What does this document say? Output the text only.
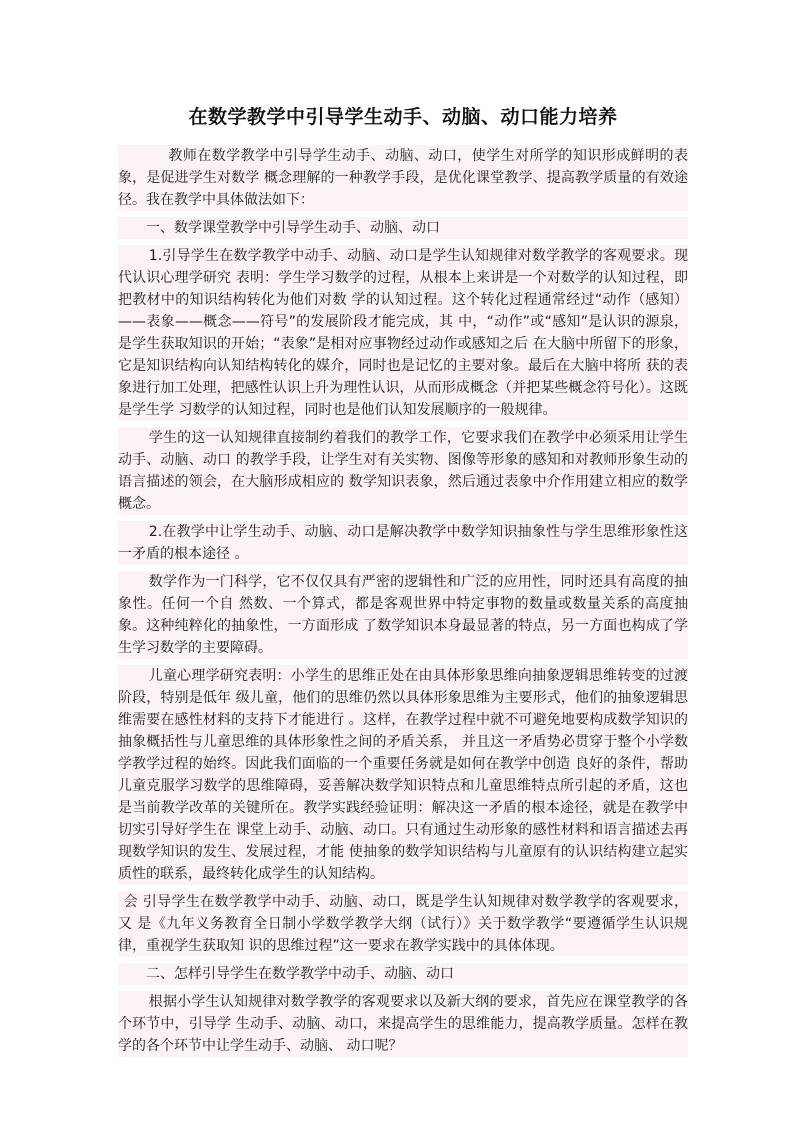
在数学教学中引导学生动手、动脑、动口能力培养

教师在数学教学中引导学生动手、动脑、动口，使学生对所学的知识形成鲜明的表象，是促进学生对数学 概念理解的一种教学手段，是优化课堂教学、提高教学质量的有效途径。我在教学中具体做法如下：

一、数学课堂教学中引导学生动手、动脑、动口

1.引导学生在数学教学中动手、动脑、动口是学生认知规律对数学教学的客观要求。现代认识心理学研究 表明：学生学习数学的过程，从根本上来讲是一个对数学的认知过程，即把教材中的知识结构转化为他们对数 学的认知过程。这个转化过程通常经过“动作（感知）——表象——概念——符号”的发展阶段才能完成，其 中，“动作”或“感知”是认识的源泉，是学生获取知识的开始；“表象”是相对应事物经过动作或感知之后 在大脑中所留下的形象，它是知识结构向认知结构转化的媒介，同时也是记忆的主要对象。最后在大脑中将所 获的表象进行加工处理，把感性认识上升为理性认识，从而形成概念（并把某些概念符号化）。这既是学生学 习数学的认知过程，同时也是他们认知发展顺序的一般规律。

学生的这一认知规律直接制约着我们的教学工作，它要求我们在教学中必须采用让学生动手、动脑、动口 的教学手段，让学生对有关实物、图像等形象的感知和对教师形象生动的语言描述的领会，在大脑形成相应的 数学知识表象，然后通过表象中介作用建立相应的数学概念。

2.在教学中让学生动手、动脑、动口是解决教学中数学知识抽象性与学生思维形象性这一矛盾的根本途径 。

数学作为一门科学，它不仅仅具有严密的逻辑性和广泛的应用性，同时还具有高度的抽象性。任何一个自 然数、一个算式，都是客观世界中特定事物的数量或数量关系的高度抽象。这种纯粹化的抽象性，一方面形成 了数学知识本身最显著的特点，另一方面也构成了学生学习数学的主要障碍。

儿童心理学研究表明：小学生的思维正处在由具体形象思维向抽象逻辑思维转变的过渡阶段，特别是低年 级儿童，他们的思维仍然以具体形象思维为主要形式，他们的抽象逻辑思维需要在感性材料的支持下才能进行 。这样，在教学过程中就不可避免地要构成数学知识的抽象概括性与儿童思维的具体形象性之间的矛盾关系， 并且这一矛盾势必贯穿于整个小学数学教学过程的始终。因此我们面临的一个重要任务就是如何在教学中创造 良好的条件，帮助儿童克服学习数学的思维障碍，妥善解决数学知识特点和儿童思维特点所引起的矛盾，这也 是当前教学改革的关键所在。教学实践经验证明：解决这一矛盾的根本途径，就是在教学中切实引导好学生在 课堂上动手、动脑、动口。只有通过生动形象的感性材料和语言描述去再现数学知识的发生、发展过程，才能 使抽象的数学知识结构与儿童原有的认识结构建立起实质性的联系，最终转化成学生的认知结构。

会 引导学生在数学教学中动手、动脑、动口，既是学生认知规律对数学教学的客观要求，又 是《九年义务教育全日制小学数学教学大纲（试行）》关于数学教学“要遵循学生认识规律，重视学生获取知 识的思维过程”这一要求在教学实践中的具体体现。

二、怎样引导学生在数学教学中动手、动脑、动口

根据小学生认知规律对数学教学的客观要求以及新大纲的要求，首先应在课堂教学的各个环节中，引导学 生动手、动脑、动口，来提高学生的思维能力，提高教学质量。怎样在教学的各个环节中让学生动手、动脑、 动口呢？
